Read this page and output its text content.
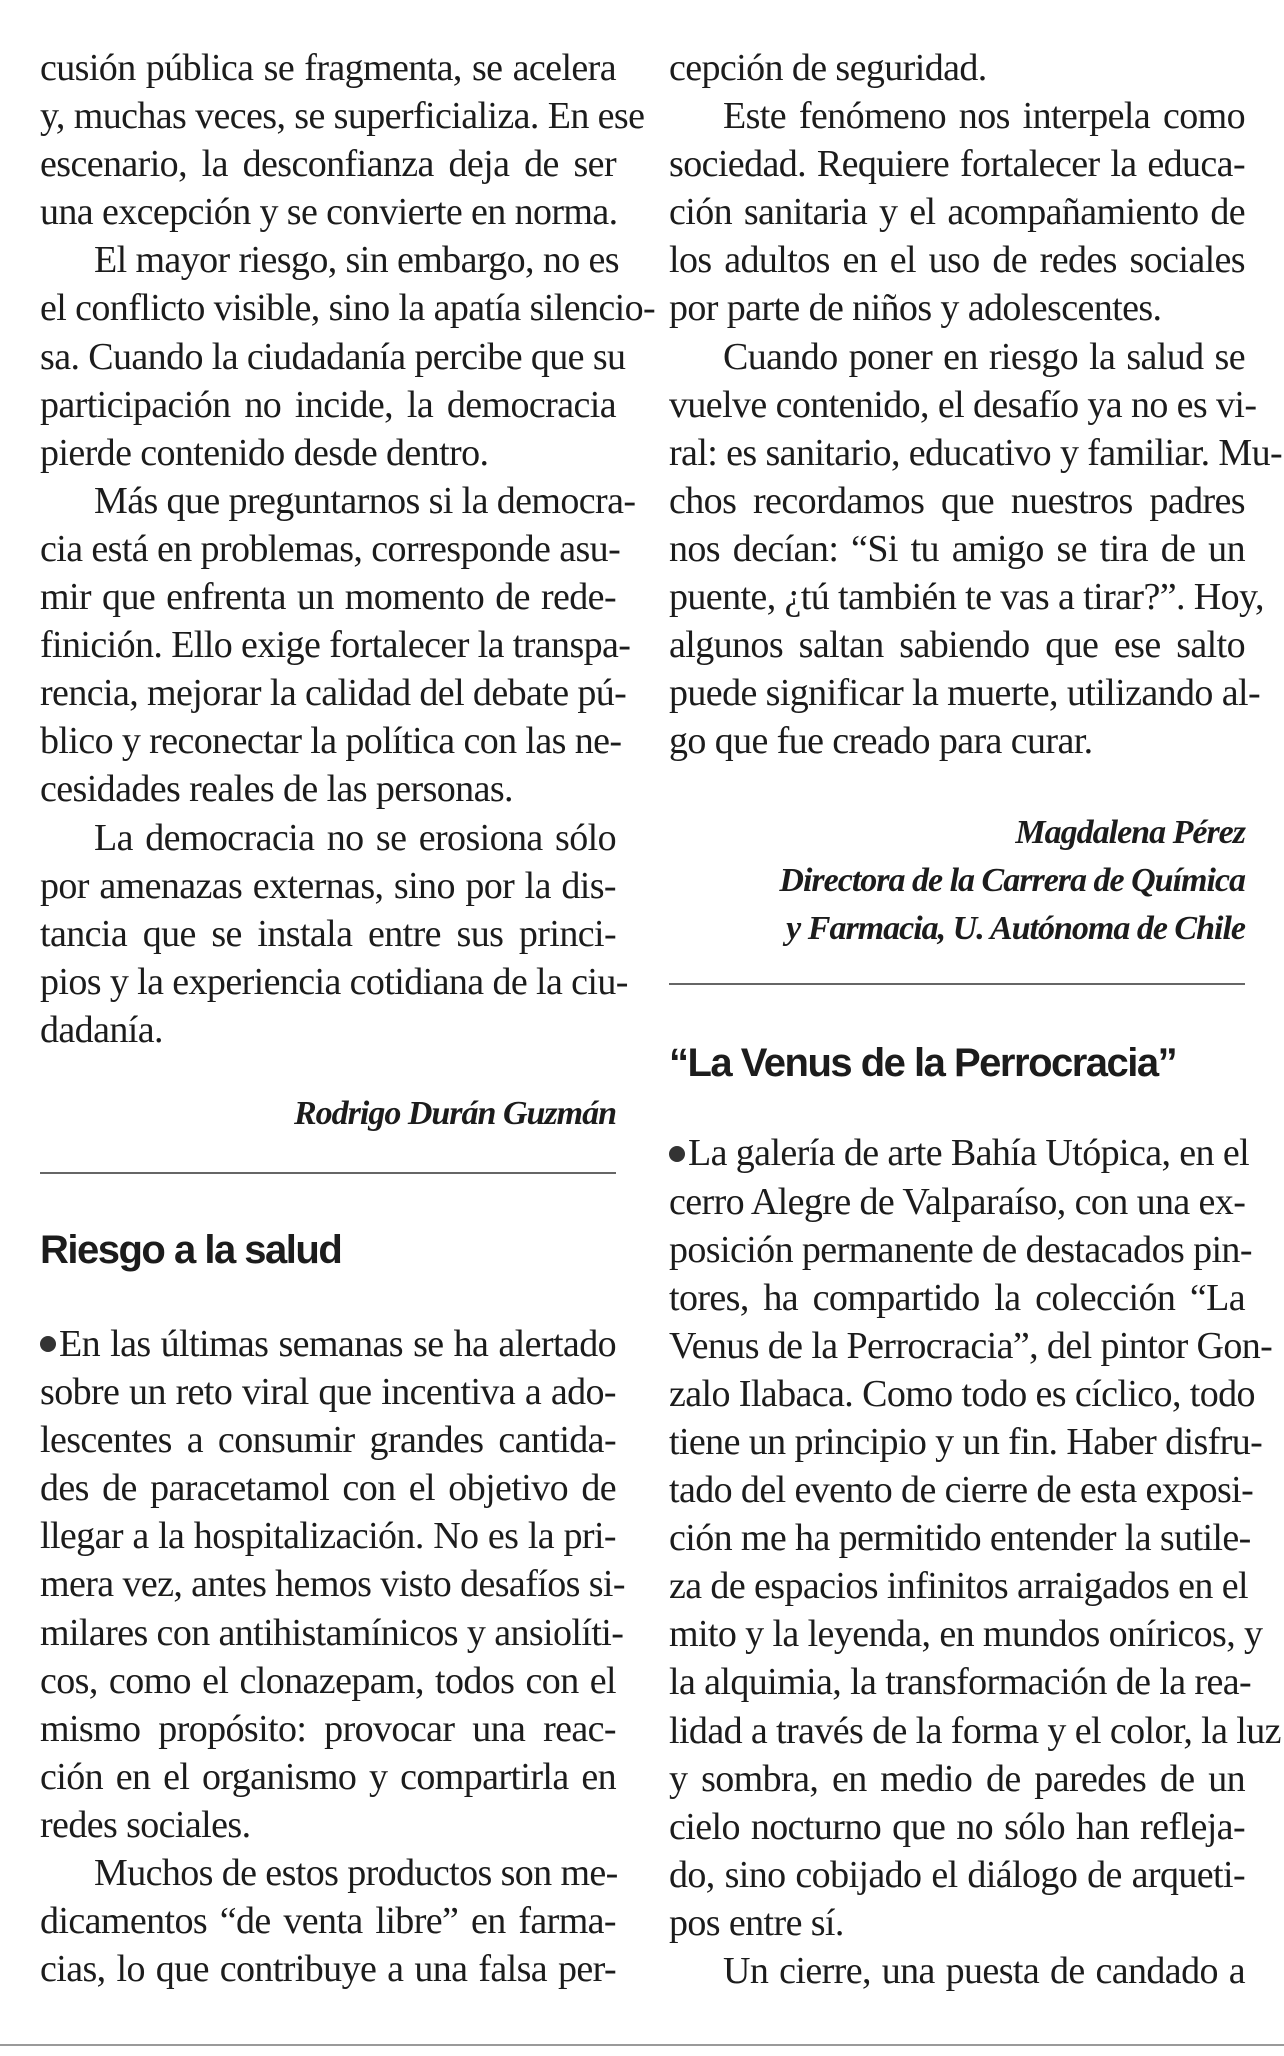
cusión pública se fragmenta, se acelera
y, muchas veces, se superficializa. En ese
escenario, la desconfianza deja de ser
una excepción y se convierte en norma.
El mayor riesgo, sin embargo, no es
el conflicto visible, sino la apatía silencio-
sa. Cuando la ciudadanía percibe que su
participación no incide, la democracia
pierde contenido desde dentro.
Más que preguntarnos si la democra-
cia está en problemas, corresponde asu-
mir que enfrenta un momento de rede-
finición. Ello exige fortalecer la transpa-
rencia, mejorar la calidad del debate pú-
blico y reconectar la política con las ne-
cesidades reales de las personas.
La democracia no se erosiona sólo
por amenazas externas, sino por la dis-
tancia que se instala entre sus princi-
pios y la experiencia cotidiana de la ciu-
dadanía.
Rodrigo Durán Guzmán
Riesgo a la salud
En las últimas semanas se ha alertado
sobre un reto viral que incentiva a ado-
lescentes a consumir grandes cantida-
des de paracetamol con el objetivo de
llegar a la hospitalización. No es la pri-
mera vez, antes hemos visto desafíos si-
milares con antihistamínicos y ansiolíti-
cos, como el clonazepam, todos con el
mismo propósito: provocar una reac-
ción en el organismo y compartirla en
redes sociales.
Muchos de estos productos son me-
dicamentos “de venta libre” en farma-
cias, lo que contribuye a una falsa per-
cepción de seguridad.
Este fenómeno nos interpela como
sociedad. Requiere fortalecer la educa-
ción sanitaria y el acompañamiento de
los adultos en el uso de redes sociales
por parte de niños y adolescentes.
Cuando poner en riesgo la salud se
vuelve contenido, el desafío ya no es vi-
ral: es sanitario, educativo y familiar. Mu-
chos recordamos que nuestros padres
nos decían: “Si tu amigo se tira de un
puente, ¿tú también te vas a tirar?”. Hoy,
algunos saltan sabiendo que ese salto
puede significar la muerte, utilizando al-
go que fue creado para curar.
Magdalena Pérez
Directora de la Carrera de Química
y Farmacia, U. Autónoma de Chile
“La Venus de la Perrocracia”
La galería de arte Bahía Utópica, en el
cerro Alegre de Valparaíso, con una ex-
posición permanente de destacados pin-
tores, ha compartido la colección “La
Venus de la Perrocracia”, del pintor Gon-
zalo Ilabaca. Como todo es cíclico, todo
tiene un principio y un fin. Haber disfru-
tado del evento de cierre de esta exposi-
ción me ha permitido entender la sutile-
za de espacios infinitos arraigados en el
mito y la leyenda, en mundos oníricos, y
la alquimia, la transformación de la rea-
lidad a través de la forma y el color, la luz
y sombra, en medio de paredes de un
cielo nocturno que no sólo han refleja-
do, sino cobijado el diálogo de arqueti-
pos entre sí.
Un cierre, una puesta de candado a
